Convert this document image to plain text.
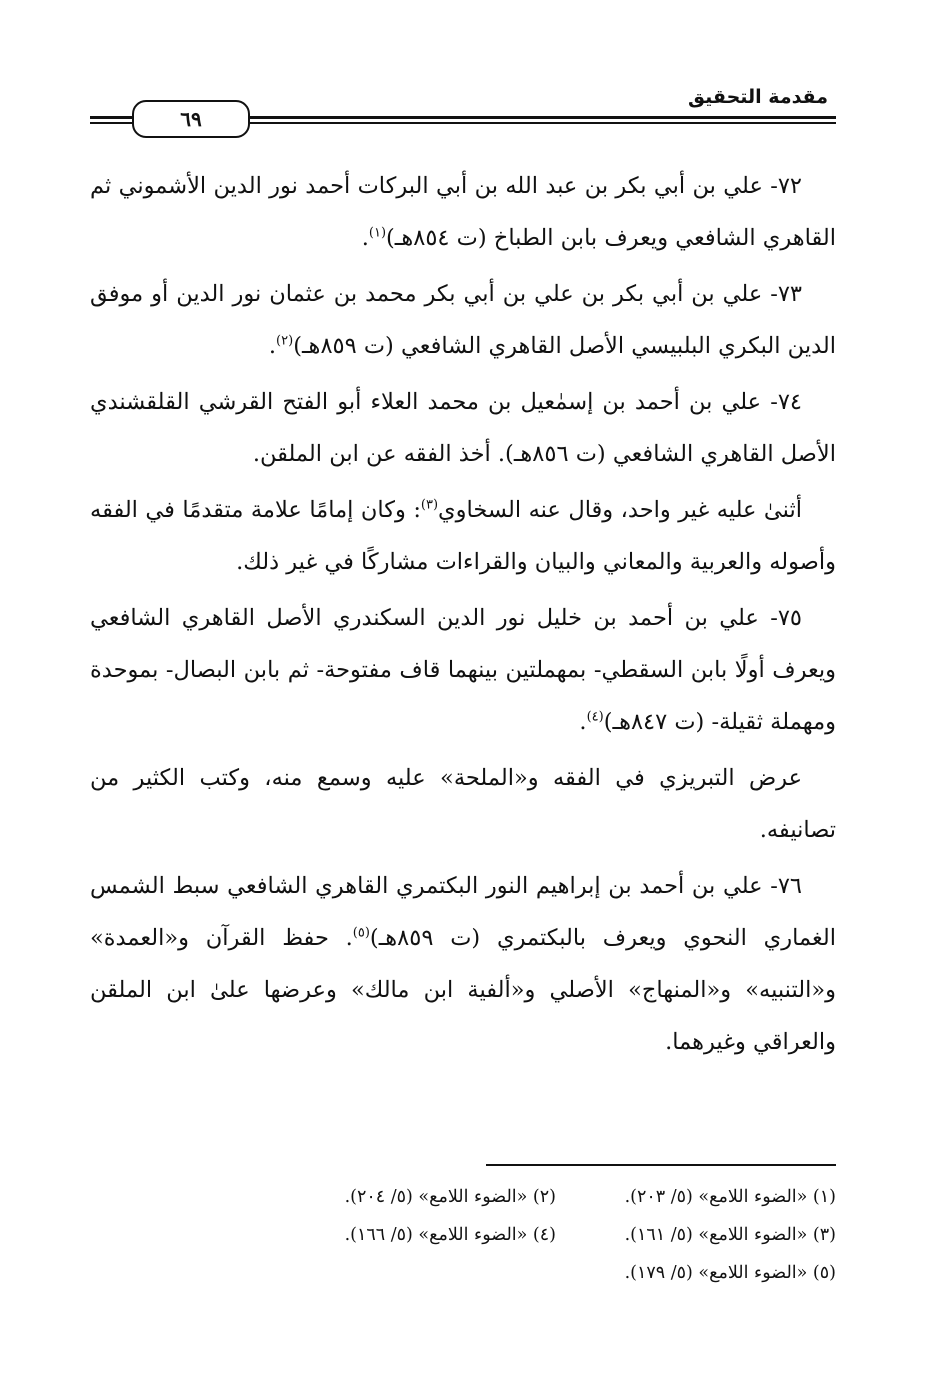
مقدمة التحقيق
٦٩

٧٢- علي بن أبي بكر بن عبد الله بن أبي البركات أحمد نور الدين الأشموني ثم القاهري الشافعي ويعرف بابن الطباخ (ت ٨٥٤هـ)$^{(١)}$.

٧٣- علي بن أبي بكر بن علي بن أبي بكر محمد بن عثمان نور الدين أو موفق الدين البكري البلبيسي الأصل القاهري الشافعي (ت ٨٥٩هـ)$^{(٢)}$.

٧٤- علي بن أحمد بن إسمٰعيل بن محمد العلاء أبو الفتح القرشي القلقشندي الأصل القاهري الشافعي (ت ٨٥٦هـ). أخذ الفقه عن ابن الملقن.

أثنىٰ عليه غير واحد، وقال عنه السخاوي$^{(٣)}$: وكان إمامًا علامة متقدمًا في الفقه وأصوله والعربية والمعاني والبيان والقراءات مشاركًا في غير ذلك.

٧٥- علي بن أحمد بن خليل نور الدين السكندري الأصل القاهري الشافعي ويعرف أولًا بابن السقطي- بمهملتين بينهما قاف مفتوحة- ثم بابن البصال- بموحدة ومهملة ثقيلة- (ت ٨٤٧هـ)$^{(٤)}$.

عرض التبريزي في الفقه و«الملحة» عليه وسمع منه، وكتب الكثير من تصانيفه.

٧٦- علي بن أحمد بن إبراهيم النور البكتمري القاهري الشافعي سبط الشمس الغماري النحوي ويعرف بالبكتمري (ت ٨٥٩هـ)$^{(٥)}$. حفظ القرآن و«العمدة» و«التنبيه» و«المنهاج» الأصلي و«ألفية ابن مالك» وعرضها علىٰ ابن الملقن والعراقي وغيرهما.

(١) «الضوء اللامع» (٥/ ٢٠٣).
(٢) «الضوء اللامع» (٥/ ٢٠٤).
(٣) «الضوء اللامع» (٥/ ١٦١).
(٤) «الضوء اللامع» (٥/ ١٦٦).
(٥) «الضوء اللامع» (٥/ ١٧٩).
